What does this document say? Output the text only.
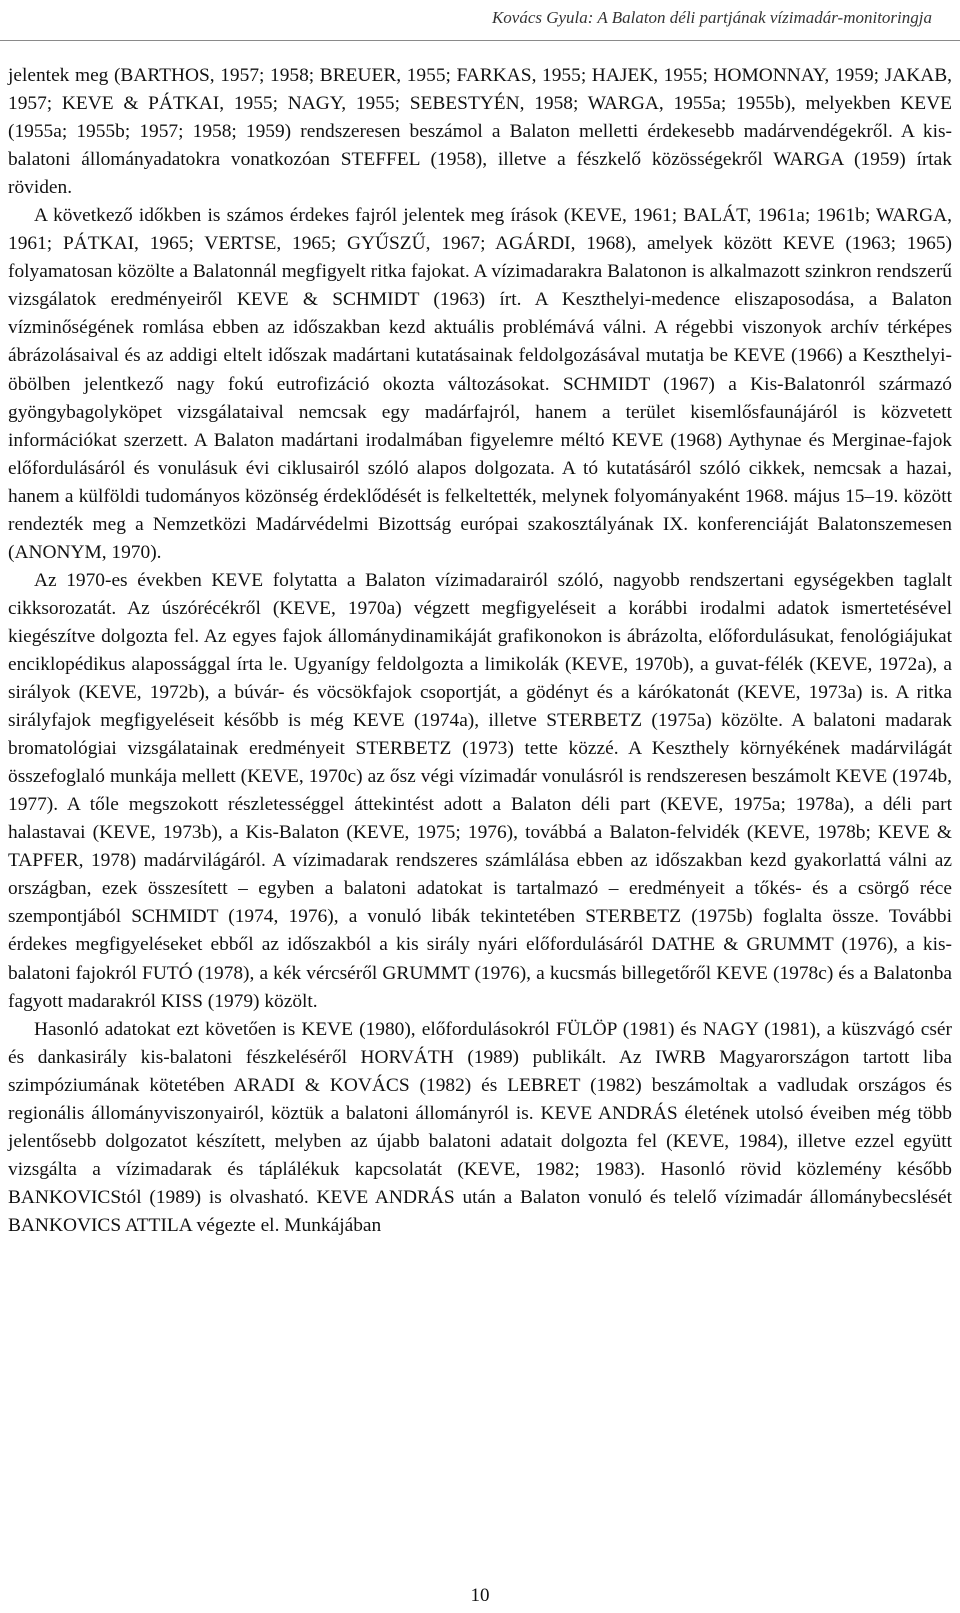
Kovács Gyula: A Balaton déli partjának vízimadár-monitoringja

jelentek meg (BARTHOS, 1957; 1958; BREUER, 1955; FARKAS, 1955; HAJEK, 1955; HOMONNAY, 1959; JAKAB, 1957; KEVE & PÁTKAI, 1955; NAGY, 1955; SEBESTYÉN, 1958; WARGA, 1955a; 1955b), melyekben KEVE (1955a; 1955b; 1957; 1958; 1959) rendszeresen beszámol a Balaton melletti érdekesebb madárvendégekről. A kis-balatoni állományadatokra vonatkozóan STEFFEL (1958), illetve a fészkelő közösségekről WARGA (1959) írtak röviden.

A következő időkben is számos érdekes fajról jelentek meg írások (KEVE, 1961; BALÁT, 1961a; 1961b; WARGA, 1961; PÁTKAI, 1965; VERTSE, 1965; GYŰSZŰ, 1967; AGÁRDI, 1968), amelyek között KEVE (1963; 1965) folyamatosan közölte a Balatonnál megfigyelt ritka fajokat. A vízimadarakra Balatonon is alkalmazott szinkron rendszerű vizsgálatok eredményeiről KEVE & SCHMIDT (1963) írt. A Keszthelyi-medence eliszaposodása, a Balaton vízminőségének romlása ebben az időszakban kezd aktuális problémává válni. A régebbi viszonyok archív térképes ábrázolásaival és az addigi eltelt időszak madártani kutatásainak feldolgozásával mutatja be KEVE (1966) a Keszthelyi-öbölben jelentkező nagy fokú eutrofizáció okozta változásokat. SCHMIDT (1967) a Kis-Balatonról származó gyöngybagolyköpet vizsgálataival nemcsak egy madárfajról, hanem a terület kisemlősfaunájáról is közvetett információkat szerzett. A Balaton madártani irodalmában figyelemre méltó KEVE (1968) Aythynae és Merginae-fajok előfordulásáról és vonulásuk évi ciklusairól szóló alapos dolgozata. A tó kutatásáról szóló cikkek, nemcsak a hazai, hanem a külföldi tudományos közönség érdeklődését is felkeltették, melynek folyományaként 1968. május 15–19. között rendezték meg a Nemzetközi Madárvédelmi Bizottság európai szakosztályának IX. konferenciáját Balatonszemesen (ANONYM, 1970).

Az 1970-es években KEVE folytatta a Balaton vízimadarairól szóló, nagyobb rendszertani egységekben taglalt cikksorozatát. Az úszórécékről (KEVE, 1970a) végzett megfigyeléseit a korábbi irodalmi adatok ismertetésével kiegészítve dolgozta fel. Az egyes fajok állománydinamikáját grafikonokon is ábrázolta, előfordulásukat, fenológiájukat enciklopédikus alapossággal írta le. Ugyanígy feldolgozta a limikolák (KEVE, 1970b), a guvat-félék (KEVE, 1972a), a sirályok (KEVE, 1972b), a búvár- és vöcsökfajok csoportját, a gödényt és a kárókatonát (KEVE, 1973a) is. A ritka sirályfajok megfigyeléseit később is még KEVE (1974a), illetve STERBETZ (1975a) közölte. A balatoni madarak bromatológiai vizsgálatainak eredményeit STERBETZ (1973) tette közzé. A Keszthely környékének madárvilágát összefoglaló munkája mellett (KEVE, 1970c) az ősz végi vízimadár vonulásról is rendszeresen beszámolt KEVE (1974b, 1977). A tőle megszokott részletességgel áttekintést adott a Balaton déli part (KEVE, 1975a; 1978a), a déli part halastavai (KEVE, 1973b), a Kis-Balaton (KEVE, 1975; 1976), továbbá a Balaton-felvidék (KEVE, 1978b; KEVE & TAPFER, 1978) madárvilágáról. A vízimadarak rendszeres számlálása ebben az időszakban kezd gyakorlattá válni az országban, ezek összesített – egyben a balatoni adatokat is tartalmazó – eredményeit a tőkés- és a csörgő réce szempontjából SCHMIDT (1974, 1976), a vonuló libák tekintetében STERBETZ (1975b) foglalta össze. További érdekes megfigyeléseket ebből az időszakból a kis sirály nyári előfordulásáról DATHE & GRUMMT (1976), a kis-balatoni fajokról FUTÓ (1978), a kék vércséről GRUMMT (1976), a kucsmás billegetőről KEVE (1978c) és a Balatonba fagyott madarakról KISS (1979) közölt.

Hasonló adatokat ezt követően is KEVE (1980), előfordulásokról FÜLÖP (1981) és NAGY (1981), a küszvágó csér és dankasirály kis-balatoni fészkeléséről HORVÁTH (1989) publikált. Az IWRB Magyarországon tartott liba szimpóziumának kötetében ARADI & KOVÁCS (1982) és LEBRET (1982) beszámoltak a vadludak országos és regionális állományviszonyairól, köztük a balatoni állományról is. KEVE ANDRÁS életének utolsó éveiben még több jelentősebb dolgozatot készített, melyben az újabb balatoni adatait dolgozta fel (KEVE, 1984), illetve ezzel együtt vizsgálta a vízimadarak és táplálékuk kapcsolatát (KEVE, 1982; 1983). Hasonló rövid közlemény később BANKOVICStól (1989) is olvasható. KEVE ANDRÁS után a Balaton vonuló és telelő vízimadár állománybecslését BANKOVICS ATTILA végezte el. Munkájában

10
